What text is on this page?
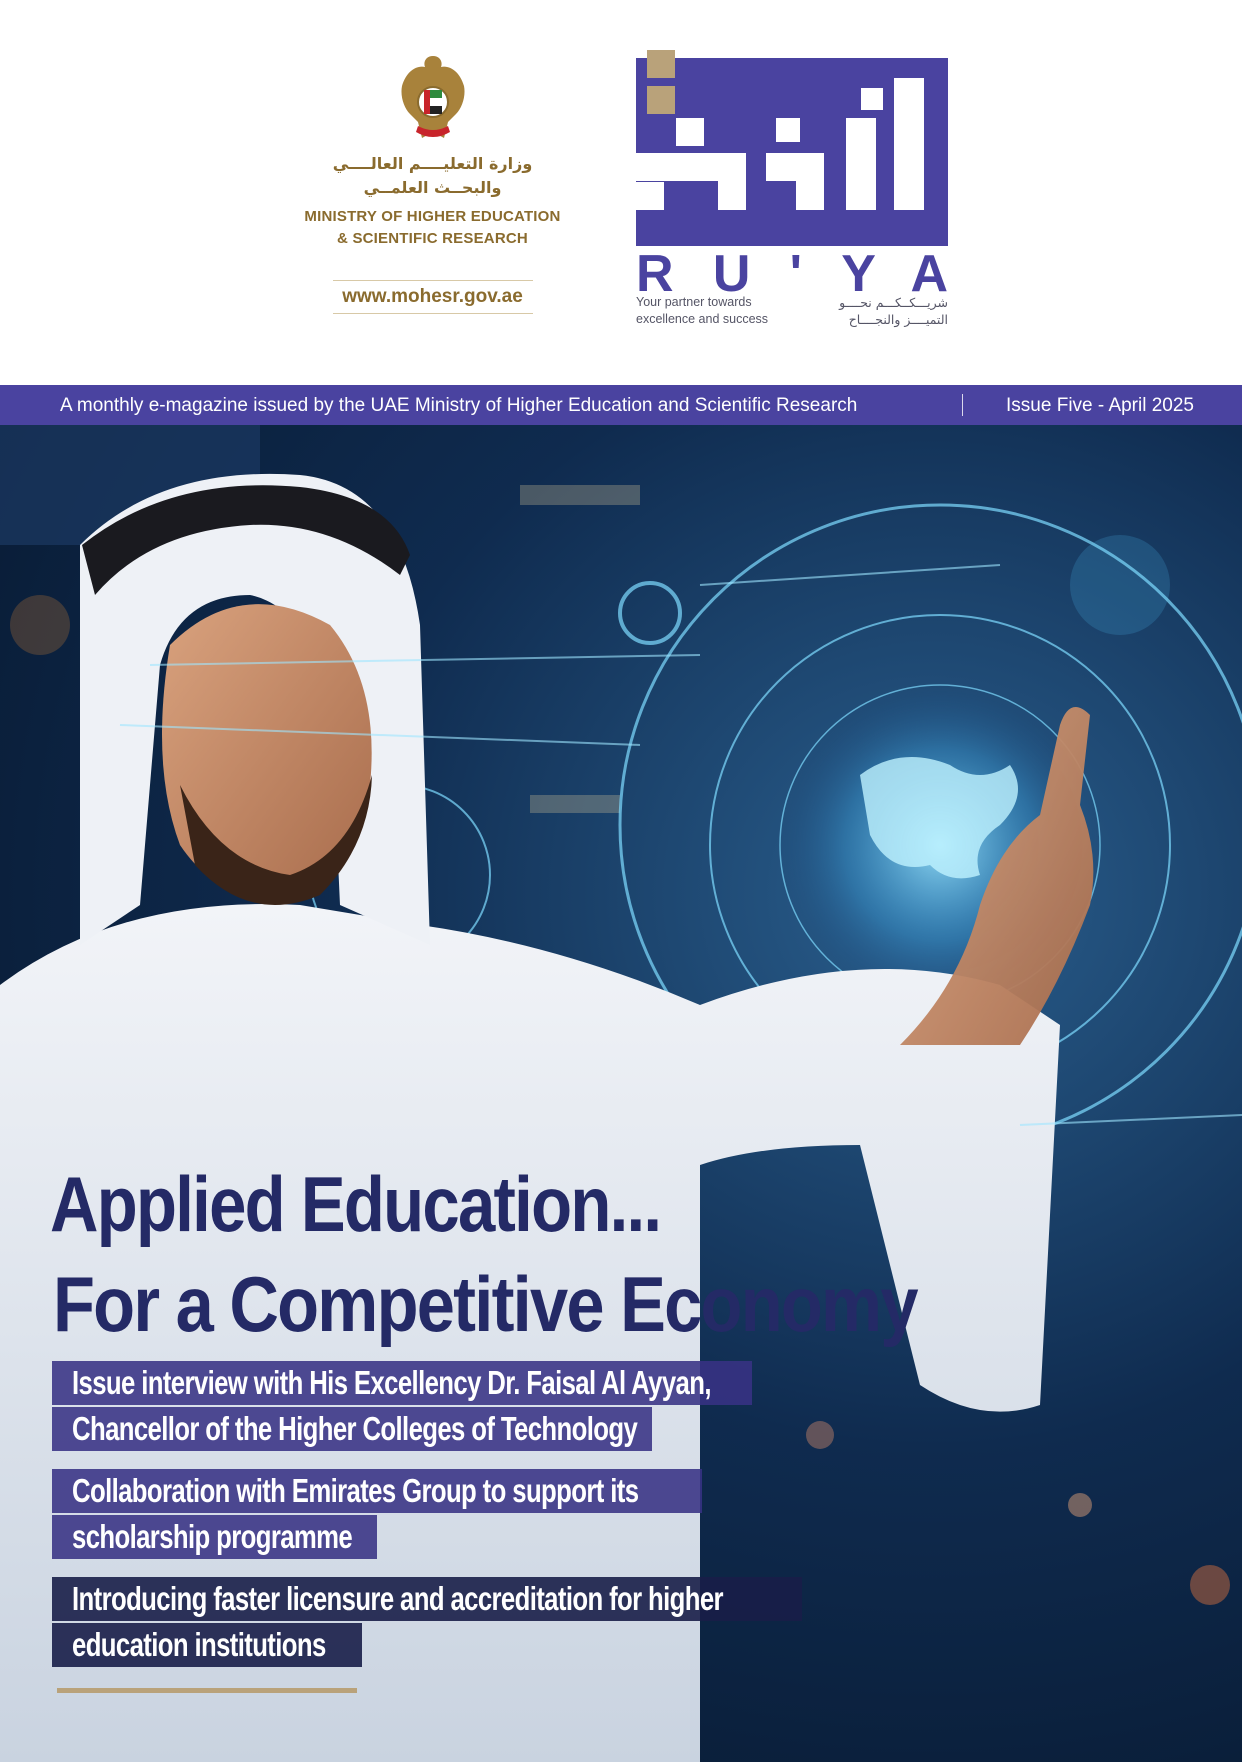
وزارة التعليــــم العالــــي
والبحــث العلمــي
MINISTRY OF HIGHER EDUCATION
& SCIENTIFIC RESEARCH
www.mohesr.gov.ae RU'YA
Your partner towards
excellence and success
شريـــكــكـــم نحــــو
التميــــز والنجــــاح
A monthly e-magazine issued by the UAE Ministry of Higher Education and Scientific Research	Issue Five - April 2025
Applied Education...
For a Competitive Economy
Issue interview with His Excellency Dr. Faisal Al Ayyan,
Chancellor of the Higher Colleges of Technology
Collaboration with Emirates Group to support its
scholarship programme
Introducing faster licensure and accreditation for higher
education institutions
